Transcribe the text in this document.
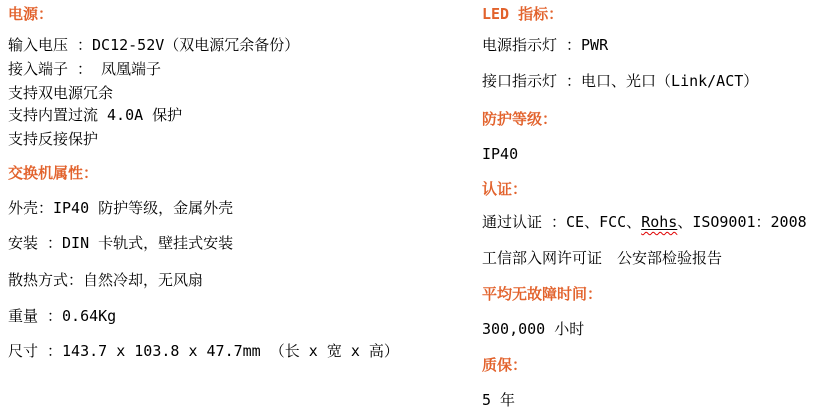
电源：

输入电压 ：DC12-52V（双电源冗余备份）

接入端子 ： 凤凰端子

支持双电源冗余

支持内置过流 4.0A 保护

支持反接保护

交换机属性：

外壳：IP40 防护等级，金属外壳

安装 ：DIN 卡轨式，壁挂式安装

散热方式：自然冷却，无风扇

重量 ：0.64Kg

尺寸 ：143.7 x 103.8 x 47.7mm （长 x 宽 x 高）

LED 指标：

电源指示灯 ：PWR

接口指示灯 ：电口、光口（Link/ACT）

防护等级：

IP40

认证：

通过认证 ：CE、FCC、Rohs、ISO9001：2008

工信部入网许可证　公安部检验报告

平均无故障时间：

300,000 小时

质保：

5 年
